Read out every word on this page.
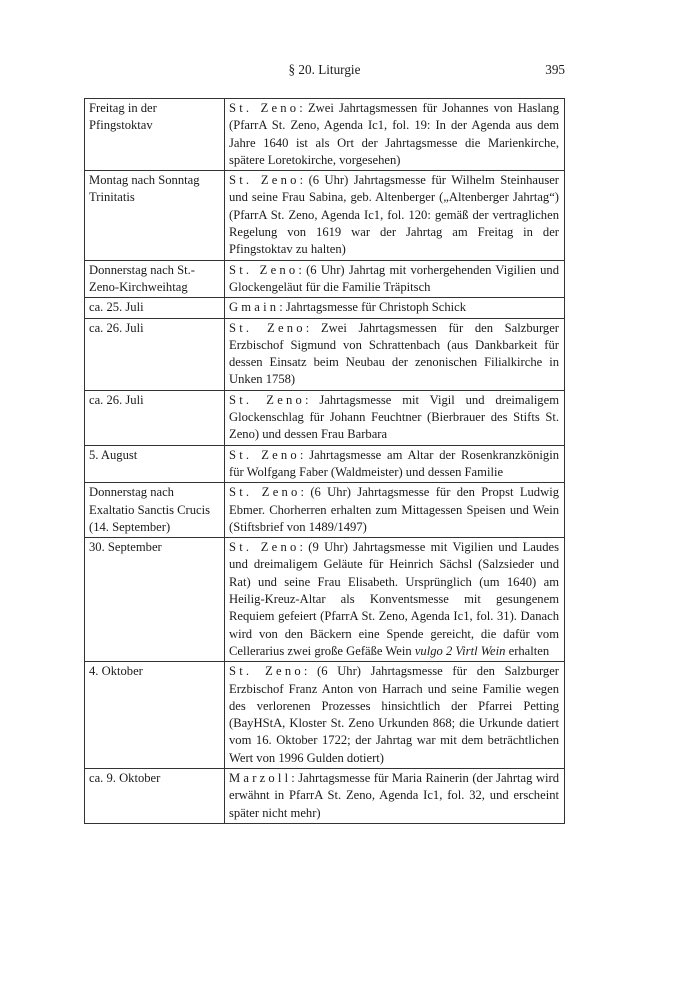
§ 20. Liturgie	395
Freitag in der Pfingstoktav	St. Zeno: Zwei Jahrtagsmessen für Johannes von Haslang (PfarrA St. Zeno, Agenda Ic1, fol. 19: In der Agenda aus dem Jahre 1640 ist als Ort der Jahrtagsmesse die Marienkirche, spätere Loretokirche, vorgesehen)
Montag nach Sonntag Trinitatis	St. Zeno: (6 Uhr) Jahrtagsmesse für Wilhelm Steinhauser und seine Frau Sabina, geb. Altenberger („Altenberger Jahrtag“) (PfarrA St. Zeno, Agenda Ic1, fol. 120: gemäß der vertraglichen Regelung von 1619 war der Jahrtag am Freitag in der Pfingstoktav zu halten)
Donnerstag nach St.-Zeno-Kirchweihtag	St. Zeno: (6 Uhr) Jahrtag mit vorhergehenden Vigilien und Glockengeläut für die Familie Träpitsch
ca. 25. Juli	Gmain: Jahrtagsmesse für Christoph Schick
ca. 26. Juli	St. Zeno: Zwei Jahrtagsmessen für den Salzburger Erzbischof Sigmund von Schrattenbach (aus Dankbarkeit für dessen Einsatz beim Neubau der zenonischen Filialkirche in Unken 1758)
ca. 26. Juli	St. Zeno: Jahrtagsmesse mit Vigil und dreimaligem Glockenschlag für Johann Feuchtner (Bierbrauer des Stifts St. Zeno) und dessen Frau Barbara
5. August	St. Zeno: Jahrtagsmesse am Altar der Rosenkranzkönigin für Wolfgang Faber (Waldmeister) und dessen Familie
Donnerstag nach Exaltatio Sanctis Crucis (14. September)	St. Zeno: (6 Uhr) Jahrtagsmesse für den Propst Ludwig Ebmer. Chorherren erhalten zum Mittagessen Speisen und Wein (Stiftsbrief von 1489/1497)
30. September	St. Zeno: (9 Uhr) Jahrtagsmesse mit Vigilien und Laudes und dreimaligem Geläute für Heinrich Sächsl (Salzsieder und Rat) und seine Frau Elisabeth. Ursprünglich (um 1640) am Heilig-Kreuz-Altar als Konventsmesse mit gesungenem Requiem gefeiert (PfarrA St. Zeno, Agenda Ic1, fol. 31). Danach wird von den Bäckern eine Spende gereicht, die dafür vom Cellerarius zwei große Gefäße Wein vulgo 2 Virtl Wein erhalten
4. Oktober	St. Zeno: (6 Uhr) Jahrtagsmesse für den Salzburger Erzbischof Franz Anton von Harrach und seine Familie wegen des verlorenen Prozesses hinsichtlich der Pfarrei Petting (BayHStA, Kloster St. Zeno Urkunden 868; die Urkunde datiert vom 16. Oktober 1722; der Jahrtag war mit dem beträchtlichen Wert von 1996 Gulden dotiert)
ca. 9. Oktober	Marzoll: Jahrtagsmesse für Maria Rainerin (der Jahrtag wird erwähnt in PfarrA St. Zeno, Agenda Ic1, fol. 32, und erscheint später nicht mehr)
